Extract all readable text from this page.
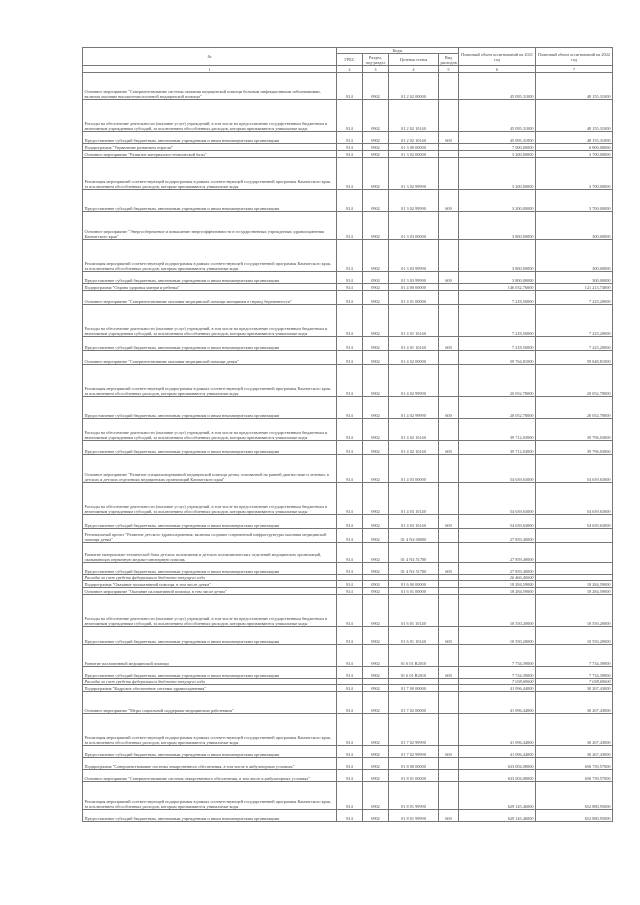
№	Коды				Плановый объем ассигнований на 2021 год	Плановый объем ассигнований на 2022 год
	ГРБС	Раздел, под-раздел	Целевая статья	Вид расходов		
1	2	3	4	5	6	7
Основное мероприятие "Совершенствование системы оказания медицинской помощи больным инфекционными заболеваниями, включая оказание высокотехнологичной медицинской помощи"	814	0902	01 2 02 00000		45 095,31000	48 155,31000
Расходы на обеспечение деятельности (оказание услуг) учреждений, в том числе на предоставление государственным бюджетным и автономным учреждениям субсидий, за исключением обособленных расходов, которым присваиваются уникальные коды	814	0902	01 2 02 10140		45 095,31000	48 155,31000
Предоставление субсидий бюджетным, автономным учреждениям и иным некоммерческим организациям	814	0902	01 2 02 10140	600	45 095,31000	48 155,31000
Подпрограмма "Управление развитием отрасли"	814	0902	01 3 00 00000		7 000,00000	6 800,00000
Основное мероприятие "Развитие материально-технической базы"	814	0902	01 3 02 00000		3 200,00000	3 700,00000
Реализация мероприятий соответствующей подпрограммы в рамках соответствующей государственной программы Камчатского края, за исключением обособленных расходов, которым присваиваются уникальные коды	814	0902	01 3 02 99990		3 200,00000	3 700,00000
Предоставление субсидий бюджетным, автономным учреждениям и иным некоммерческим организациям	814	0902	01 3 02 99990	600	3 200,00000	3 700,00000
Основное мероприятие "Энергосбережение и повышение энергоэффективности в государственных учреждениях здравоохранения Камчатского края"	814	0902	01 3 03 00000		3 800,00000	300,00000
Реализация мероприятий соответствующей подпрограммы в рамках соответствующей государственной программы Камчатского края, за исключением обособленных расходов, которым присваиваются уникальные коды	814	0902	01 3 03 99990		3 800,00000	300,00000
Предоставление субсидий бюджетным, автономным учреждениям и иным некоммерческим организациям	814	0902	01 3 03 99990	600	3 800,00000	300,00000
Подпрограмма "Охрана здоровья матери и ребенка"	814	0902	01 4 00 00000		146 032,76000	121 213,74000
Основное мероприятие "Совершенствование оказания медицинской помощи женщинам в период беременности"	814	0902	01 4 01 00000		7 218,50000	7 225,20000
Расходы на обеспечение деятельности (оказание услуг) учреждений, в том числе на предоставление государственным бюджетным и автономным учреждениям субсидий, за исключением обособленных расходов, которым присваиваются уникальные коды	814	0902	01 4 01 10140		7 218,50000	7 225,20000
Предоставление субсидий бюджетным, автономным учреждениям и иным некоммерческим организациям	814	0902	01 4 01 10140	600	7 218,50000	7 225,20000
Основное мероприятие "Совершенствование оказания медицинской помощи детям"	814	0902	01 4 02 00000		59 764,81000	59 848,81000
Реализация мероприятий соответствующей подпрограммы в рамках соответствующей государственной программы Камчатского края, за исключением обособленных расходов, которым присваиваются уникальные коды	814	0902	01 4 02 99990		20 052,78000	20 052,78000
Предоставление субсидий бюджетным, автономным учреждениям и иным некоммерческим организациям	814	0902	01 4 02 99990	600	20 052,78000	20 052,78000
Расходы на обеспечение деятельности (оказание услуг) учреждений, в том числе на предоставление государственным бюджетным и автономным учреждениям субсидий, за исключением обособленных расходов, которым присваиваются уникальные коды	814	0902	01 4 02 10140		39 712,03000	39 796,03000
Предоставление субсидий бюджетным, автономным учреждениям и иным некоммерческим организациям	814	0902	01 4 02 10140	600	39 712,03000	39 796,03000
Основное мероприятие "Развитие специализированной медицинской помощи детям, основанной на ранней диагностике и лечении, в детских и детских отделениях медицинских организаций Камчатского края"	814	0902	01 4 03 00000		54 639,63000	54 639,63000
Расходы на обеспечение деятельности (оказание услуг) учреждений, в том числе на предоставление государственным бюджетным и автономным учреждениям субсидий, за исключением обособленных расходов, которым присваиваются уникальные коды	814	0902	01 4 03 10140		54 639,63000	54 639,63000
Предоставление субсидий бюджетным, автономным учреждениям и иным некоммерческим организациям	814	0902	01 4 03 10140	600	54 639,63000	54 639,63000
Региональный проект "Развитие детского здравоохранения, включая создание современной инфраструктуры оказания медицинской помощи детям"	814	0902	01 4 N4 00000		27 859,40000	
Развитие материально-технической базы детских поликлиник и детских поликлинических отделений медицинских организаций, оказывающих первичную медико-санитарную помощь	814	0902	01 4 N4 51700		27 859,40000	
Предоставление субсидий бюджетным, автономным учреждениям и иным некоммерческим организациям	814	0902	01 4 N4 51700	600	27 859,40000	
Расходы за счет средств федерального бюджета текущего года					26 466,40000	
Подпрограмма "Оказание паллиативной помощи, в том числе детям"	814	0902	01 6 00 00000		18 284,59000	18 284,59000
Основное мероприятие "Оказание паллиативной помощи, в том числе детям"	814	0902	01 6 01 00000		18 284,59000	18 284,59000
Расходы на обеспечение деятельности (оказание услуг) учреждений, в том числе на предоставление государственным бюджетным и автономным учреждениям субсидий, за исключением обособленных расходов, которым присваиваются уникальные коды	814	0902	01 6 01 10140		10 550,20000	10 550,20000
Предоставление субсидий бюджетным, автономным учреждениям и иным некоммерческим организациям	814	0902	01 6 01 10140	600	10 550,20000	10 550,20000
Развитие паллиативной медицинской помощи	814	0902	01 6 01 R2010		7 734,39000	7 734,39000
Предоставление субсидий бюджетным, автономным учреждениям и иным некоммерческим организациям	814	0902	01 6 01 R2010	600	7 734,39000	7 734,39000
Расходы за счет средств федерального бюджета текущего года					7 038,69000	7 038,69000
Подпрограмма "Кадровое обеспечение системы здравоохранения"	814	0902	01 7 00 00000		41 096,44000	30 267,43000
Основное мероприятие "Меры социальной поддержки медицинских работников"	814	0902	01 7 02 00000		41 096,44000	30 267,43000
Реализация мероприятий соответствующей подпрограммы в рамках соответствующей государственной программы Камчатского края, за исключением обособленных расходов, которым присваиваются уникальные коды	814	0902	01 7 02 99990		41 096,44000	30 267,43000
Предоставление субсидий бюджетным, автономным учреждениям и иным некоммерческим организациям	814	0902	01 7 02 99990	600	41 096,44000	30 267,43000
Подпрограмма "Совершенствование системы лекарственного обеспечения, в том числе в амбулаторных условиях"	814	0902	01 8 00 00000		633 004,08000	656 739,57000
Основное мероприятие "Совершенствование системы лекарственного обеспечения, в том числе в амбулаторных условиях"	814	0902	01 8 01 00000		633 004,08000	656 739,57000
Реализация мероприятий соответствующей подпрограммы в рамках соответствующей государственной программы Камчатского края, за исключением обособленных расходов, которым присваиваются уникальные коды	814	0902	01 8 01 99990		629 145,46000	652 880,95000
Предоставление субсидий бюджетным, автономным учреждениям и иным некоммерческим организациям	814	0902	01 8 01 99990	600	629 145,46000	652 880,95000
